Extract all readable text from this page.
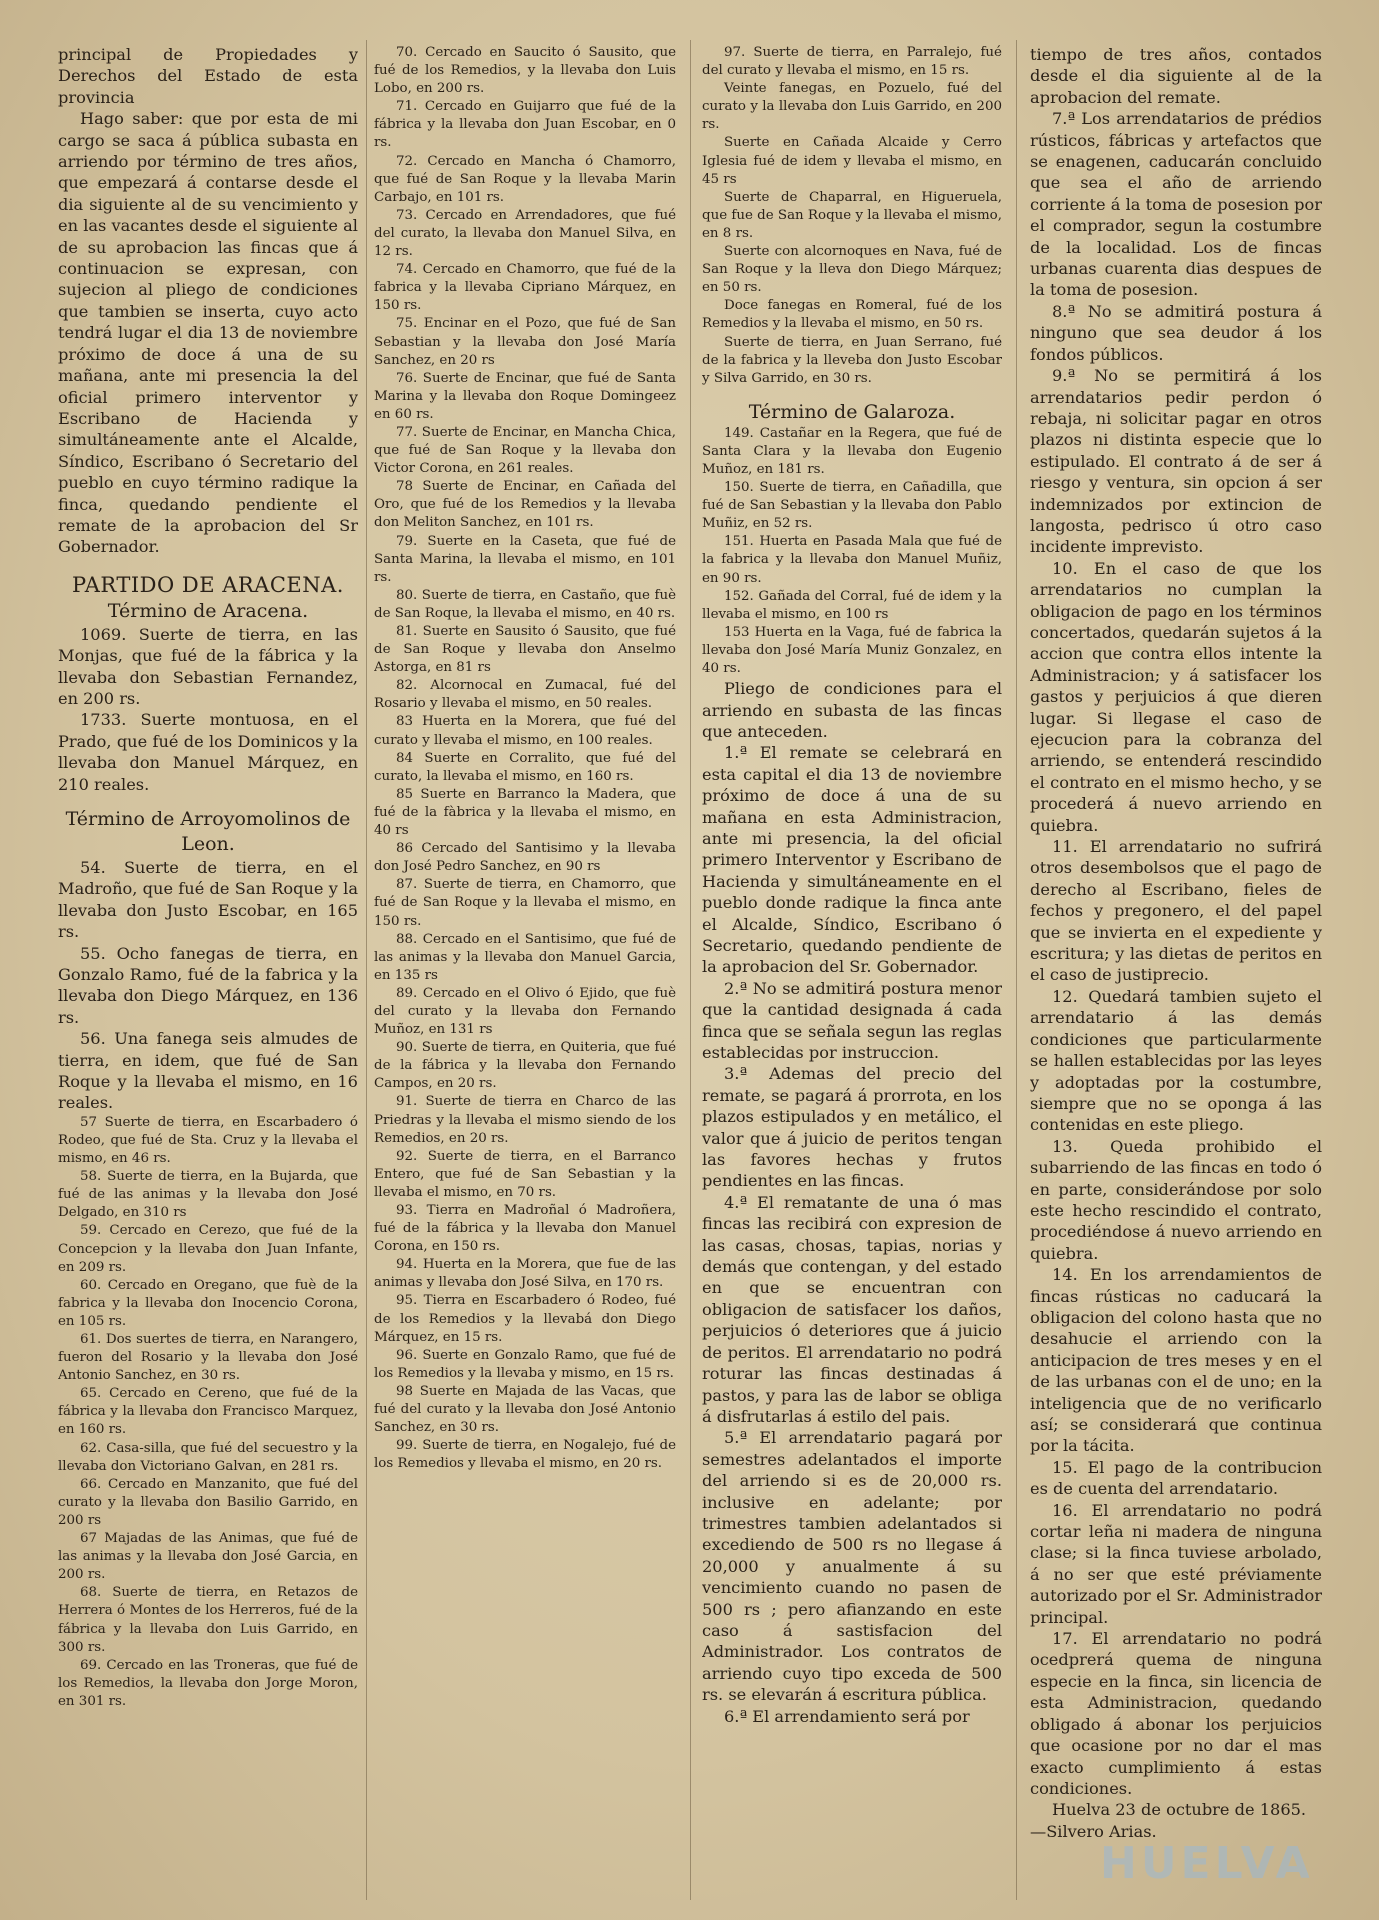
principal de Propiedades y Derechos del Estado de esta provincia

Hago saber: que por esta de mi cargo se saca á pública subasta en arriendo por término de tres años, que empezará á contarse desde el dia siguiente al de su vencimiento y en las vacantes desde el siguiente al de su aprobacion las fincas que á continuacion se expresan, con sujecion al pliego de condiciones que tambien se inserta, cuyo acto tendrá lugar el dia 13 de noviembre próximo de doce á una de su mañana, ante mi presencia la del oficial primero interventor y Escribano de Hacienda y simultáneamente ante el Alcalde, Síndico, Escribano ó Secretario del pueblo en cuyo término radique la finca, quedando pendiente el remate de la aprobacion del Sr Gobernador.

PARTIDO DE ARACENA.
Término de Aracena.

1069. Suerte de tierra, en las Monjas, que fué de la fábrica y la llevaba don Sebastian Fernandez, en 200 rs.

1733. Suerte montuosa, en el Prado, que fué de los Dominicos y la llevaba don Manuel Márquez, en 210 reales.

Término de Arroyomolinos de Leon.

54. Suerte de tierra, en el Madroño, que fué de San Roque y la llevaba don Justo Escobar, en 165 rs.

55. Ocho fanegas de tierra, en Gonzalo Ramo, fué de la fabrica y la llevaba don Diego Márquez, en 136 rs.

56. Una fanega seis almudes de tierra, en idem, que fué de San Roque y la llevaba el mismo, en 16 reales.

57 Suerte de tierra, en Escarbadero ó Rodeo, que fué de Sta. Cruz y la llevaba el mismo, en 46 rs.

58. Suerte de tierra, en la Bujarda, que fué de las animas y la llevaba don José Delgado, en 310 rs

59. Cercado en Cerezo, que fué de la Concepcion y la llevaba don Juan Infante, en 209 rs.

60. Cercado en Oregano, que fuè de la fabrica y la llevaba don Inocencio Corona, en 105 rs.

61. Dos suertes de tierra, en Narangero, fueron del Rosario y la llevaba don José Antonio Sanchez, en 30 rs.

65. Cercado en Cereno, que fué de la fábrica y la llevaba don Francisco Marquez, en 160 rs.

62. Casa-silla, que fué del secuestro y la llevaba don Victoriano Galvan, en 281 rs.

66. Cercado en Manzanito, que fué del curato y la llevaba don Basilio Garrido, en 200 rs

67 Majadas de las Animas, que fué de las animas y la llevaba don José Garcia, en 200 rs.

68. Suerte de tierra, en Retazos de Herrera ó Montes de los Herreros, fué de la fábrica y la llevaba don Luis Garrido, en 300 rs.

69. Cercado en las Troneras, que fué de los Remedios, la llevaba don Jorge Moron, en 301 rs.

70. Cercado en Saucito ó Sausito, que fué de los Remedios, y la llevaba don Luis Lobo, en 200 rs.

71. Cercado en Guijarro que fué de la fábrica y la llevaba don Juan Escobar, en 0 rs.

72. Cercado en Mancha ó Chamorro, que fué de San Roque y la llevaba Marin Carbajo, en 101 rs.

73. Cercado en Arrendadores, que fué del curato, la llevaba don Manuel Silva, en 12 rs.

74. Cercado en Chamorro, que fué de la fabrica y la llevaba Cipriano Márquez, en 150 rs.

75. Encinar en el Pozo, que fué de San Sebastian y la llevaba don José María Sanchez, en 20 rs

76. Suerte de Encinar, que fué de Santa Marina y la llevaba don Roque Domingeez en 60 rs.

77. Suerte de Encinar, en Mancha Chica, que fué de San Roque y la llevaba don Victor Corona, en 261 reales.

78 Suerte de Encinar, en Cañada del Oro, que fué de los Remedios y la llevaba don Meliton Sanchez, en 101 rs.

79. Suerte en la Caseta, que fué de Santa Marina, la llevaba el mismo, en 101 rs.

80. Suerte de tierra, en Castaño, que fuè de San Roque, la llevaba el mismo, en 40 rs.

81. Suerte en Sausito ó Sausito, que fué de San Roque y llevaba don Anselmo Astorga, en 81 rs

82. Alcornocal en Zumacal, fué del Rosario y llevaba el mismo, en 50 reales.

83 Huerta en la Morera, que fué del curato y llevaba el mismo, en 100 reales.

84 Suerte en Corralito, que fué del curato, la llevaba el mismo, en 160 rs.

85 Suerte en Barranco la Madera, que fué de la fàbrica y la llevaba el mismo, en 40 rs

86 Cercado del Santisimo y la llevaba don José Pedro Sanchez, en 90 rs

87. Suerte de tierra, en Chamorro, que fué de San Roque y la llevaba el mismo, en 150 rs.

88. Cercado en el Santisimo, que fué de las animas y la llevaba don Manuel Garcia, en 135 rs

89. Cercado en el Olivo ó Ejido, que fuè del curato y la llevaba don Fernando Muñoz, en 131 rs

90. Suerte de tierra, en Quiteria, que fué de la fábrica y la llevaba don Fernando Campos, en 20 rs.

91. Suerte de tierra en Charco de las Priedras y la llevaba el mismo siendo de los Remedios, en 20 rs.

92. Suerte de tierra, en el Barranco Entero, que fué de San Sebastian y la llevaba el mismo, en 70 rs.

93. Tierra en Madroñal ó Madroñera, fué de la fábrica y la llevaba don Manuel Corona, en 150 rs.

94. Huerta en la Morera, que fue de las animas y llevaba don José Silva, en 170 rs.

95. Tierra en Escarbadero ó Rodeo, fué de los Remedios y la llevabá don Diego Márquez, en 15 rs.

96. Suerte en Gonzalo Ramo, que fué de los Remedios y la llevaba y mismo, en 15 rs.

98 Suerte en Majada de las Vacas, que fué del curato y la llevaba don José Antonio Sanchez, en 30 rs.

99. Suerte de tierra, en Nogalejo, fué de los Remedios y llevaba el mismo, en 20 rs.

97. Suerte de tierra, en Parralejo, fué del curato y llevaba el mismo, en 15 rs.

Veinte fanegas, en Pozuelo, fué del curato y la llevaba don Luis Garrido, en 200 rs.

Suerte en Cañada Alcaide y Cerro Iglesia fué de idem y llevaba el mismo, en 45 rs

Suerte de Chaparral, en Higueruela, que fue de San Roque y la llevaba el mismo, en 8 rs.

Suerte con alcornoques en Nava, fué de San Roque y la lleva don Diego Márquez; en 50 rs.

Doce fanegas en Romeral, fué de los Remedios y la llevaba el mismo, en 50 rs.

Suerte de tierra, en Juan Serrano, fué de la fabrica y la lleveba don Justo Escobar y Silva Garrido, en 30 rs.

Término de Galaroza.

149. Castañar en la Regera, que fué de Santa Clara y la llevaba don Eugenio Muñoz, en 181 rs.

150. Suerte de tierra, en Cañadilla, que fué de San Sebastian y la llevaba don Pablo Muñiz, en 52 rs.

151. Huerta en Pasada Mala que fué de la fabrica y la llevaba don Manuel Muñiz, en 90 rs.

152. Gañada del Corral, fué de idem y la llevaba el mismo, en 100 rs

153 Huerta en la Vaga, fué de fabrica la llevaba don José María Muniz Gonzalez, en 40 rs.

Pliego de condiciones para el arriendo en subasta de las fincas que anteceden.

1.ª El remate se celebrará en esta capital el dia 13 de noviembre próximo de doce á una de su mañana en esta Administracion, ante mi presencia, la del oficial primero Interventor y Escribano de Hacienda y simultáneamente en el pueblo donde radique la finca ante el Alcalde, Síndico, Escribano ó Secretario, quedando pendiente de la aprobacion del Sr. Gobernador.

2.ª No se admitirá postura menor que la cantidad designada á cada finca que se señala segun las reglas establecidas por instruccion.

3.ª Ademas del precio del remate, se pagará á prorrota, en los plazos estipulados y en metálico, el valor que á juicio de peritos tengan las favores hechas y frutos pendientes en las fincas.

4.ª El rematante de una ó mas fincas las recibirá con expresion de las casas, chosas, tapias, norias y demás que contengan, y del estado en que se encuentran con obligacion de satisfacer los daños, perjuicios ó deteriores que á juicio de peritos. El arrendatario no podrá roturar las fincas destinadas á pastos, y para las de labor se obliga á disfrutarlas á estilo del pais.

5.ª El arrendatario pagará por semestres adelantados el importe del arriendo si es de 20,000 rs. inclusive en adelante; por trimestres tambien adelantados si excediendo de 500 rs no llegase á 20,000 y anualmente á su vencimiento cuando no pasen de 500 rs ; pero afianzando en este caso á sastisfacion del Administrador. Los contratos de arriendo cuyo tipo exceda de 500 rs. se elevarán á escritura pública.

6.ª El arrendamiento será por

tiempo de tres años, contados desde el dia siguiente al de la aprobacion del remate.

7.ª Los arrendatarios de prédios rústicos, fábricas y artefactos que se enagenen, caducarán concluido que sea el año de arriendo corriente á la toma de posesion por el comprador, segun la costumbre de la localidad. Los de fincas urbanas cuarenta dias despues de la toma de posesion.

8.ª No se admitirá postura á ninguno que sea deudor á los fondos públicos.

9.ª No se permitirá á los arrendatarios pedir perdon ó rebaja, ni solicitar pagar en otros plazos ni distinta especie que lo estipulado. El contrato á de ser á riesgo y ventura, sin opcion á ser indemnizados por extincion de langosta, pedrisco ú otro caso incidente imprevisto.

10. En el caso de que los arrendatarios no cumplan la obligacion de pago en los términos concertados, quedarán sujetos á la accion que contra ellos intente la Administracion; y á satisfacer los gastos y perjuicios á que dieren lugar. Si llegase el caso de ejecucion para la cobranza del arriendo, se entenderá rescindido el contrato en el mismo hecho, y se procederá á nuevo arriendo en quiebra.

11. El arrendatario no sufrirá otros desembolsos que el pago de derecho al Escribano, fieles de fechos y pregonero, el del papel que se invierta en el expediente y escritura; y las dietas de peritos en el caso de justiprecio.

12. Quedará tambien sujeto el arrendatario á las demás condiciones que particularmente se hallen establecidas por las leyes y adoptadas por la costumbre, siempre que no se oponga á las contenidas en este pliego.

13. Queda prohibido el subarriendo de las fincas en todo ó en parte, considerándose por solo este hecho rescindido el contrato, procediéndose á nuevo arriendo en quiebra.

14. En los arrendamientos de fincas rústicas no caducará la obligacion del colono hasta que no desahucie el arriendo con la anticipacion de tres meses y en el de las urbanas con el de uno; en la inteligencia que de no verificarlo así; se considerará que continua por la tácita.

15. El pago de la contribucion es de cuenta del arrendatario.

16. El arrendatario no podrá cortar leña ni madera de ninguna clase; si la finca tuviese arbolado, á no ser que esté préviamente autorizado por el Sr. Administrador principal.

17. El arrendatario no podrá ocedprerá quema de ninguna especie en la finca, sin licencia de esta Administracion, quedando obligado á abonar los perjuicios que ocasione por no dar el mas exacto cumplimiento á estas condiciones.

Huelva 23 de octubre de 1865.

—Silvero Arias.

HUELVA
